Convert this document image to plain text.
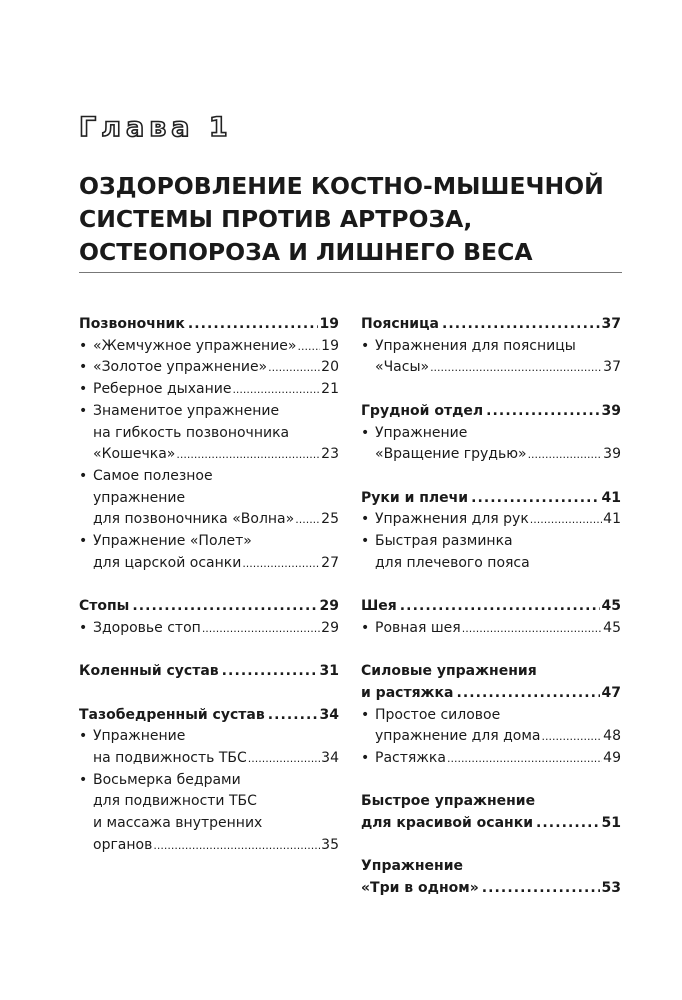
Глава 1
ОЗДОРОВЛЕНИЕ КОСТНО-МЫШЕЧНОЙ
СИСТЕМЫ ПРОТИВ АРТРОЗА,
ОСТЕОПОРОЗА И ЛИШНЕГО ВЕСА
Позвоночник . . .	19
• «Жемчужное упражнение» ..... 19
• «Золотое упражнение» .....	20
• Реберное дыхание .....	21
• Знаменитое упражнение
на гибкость позвоночника
«Кошечка» .....	23
• Самое полезное
упражнение
для позвоночника «Волна» ..... 25
• Упражнение «Полет»
для царской осанки .....	27
Стопы . . .	29
• Здоровье стоп .....	29
Коленный сустав . . .	31
Тазобедренный сустав . . .	34
• Упражнение
на подвижность ТБС .....	34
• Восьмерка бедрами
для подвижности ТБС
и массажа внутренних
органов .....	35
Поясница . . .	37
• Упражнения для поясницы
«Часы» .....	37
Грудной отдел . . .	39
• Упражнение
«Вращение грудью» .....	39
Руки и плечи . . .	41
• Упражнения для рук .....	41
• Быстрая разминка
для плечевого пояса
Шея . . .	45
• Ровная шея .....	45
Силовые упражнения
и растяжка . . .	47
• Простое силовое
упражнение для дома .....	48
• Растяжка .....	49
Быстрое упражнение
для красивой осанки . . .	51
Упражнение
«Три в одном» . . .	53
